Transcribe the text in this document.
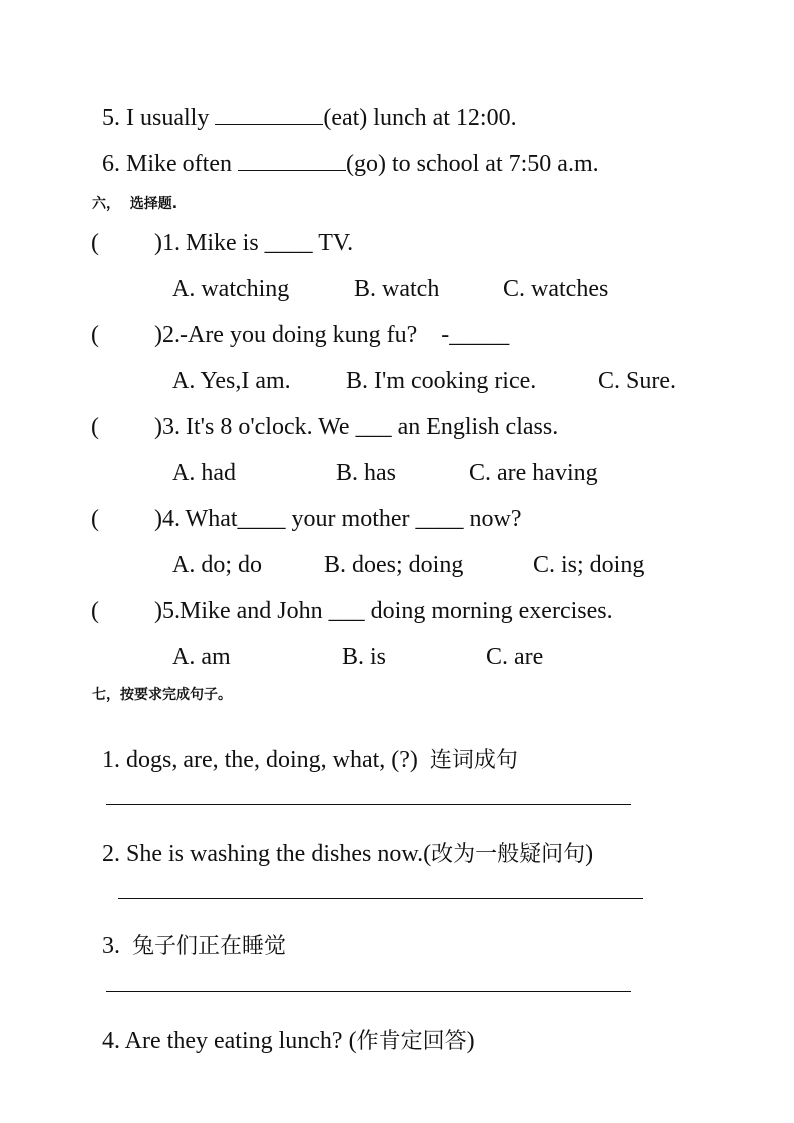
5. I usually	(eat) lunch at 12:00.

6. Mike often	(go) to school at 7:50 a.m.

六，  选择题.
( )1. Mike is ____ TV.
A. watching	B. watch	C. watches
( )2.-Are you doing kung fu?    -_____
A. Yes,I am. B. I'm cooking rice.	C. Sure.
( )3. It's 8 o'clock. We ___ an English class.
A. had	B. has	C. are having
( )4. What____ your mother ____ now?
A. do; do	B. does; doing	C. is; doing
( )5.Mike and John ___ doing morning exercises.
A. am	B. is	C. are
七，按要求完成句子。

1. dogs, are, the, doing, what, (?)  连词成句

2. She is washing the dishes now.(改为一般疑问句)

3.  兔子们正在睡觉

4. Are they eating lunch? (作肯定回答)
